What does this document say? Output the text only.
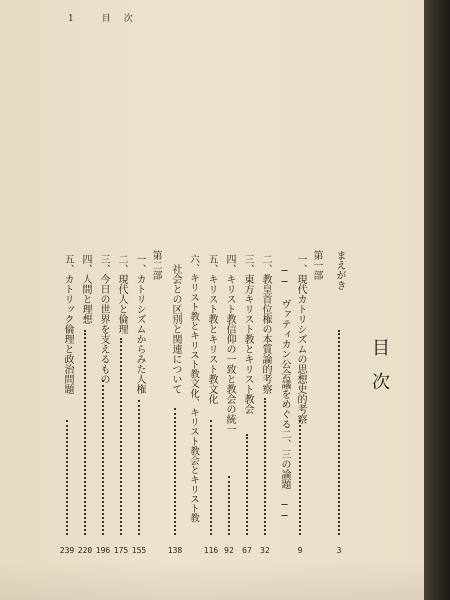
1	目　次
目次
まえがき
3
第一部
一、現代カトリシズムの思想史的考察
9
── ヴァティカン公会議をめぐる二、三の論題 ──
二、教皇首位権の本質論的考察
32
三、東方キリスト教とキリスト教会
67
四、キリスト教信仰の一致と教会の統一
92
五、キリスト教とキリスト教文化
116
六、キリスト教とキリスト教文化、キリスト教会とキリスト教
社会との区別と関連について
138
第二部
一、カトリシズムからみた人権
155
二、現代人と倫理
175
三、今日の世界を支えるもの
196
四、人間と理想
220
五、カトリック倫理と政治問題
239
